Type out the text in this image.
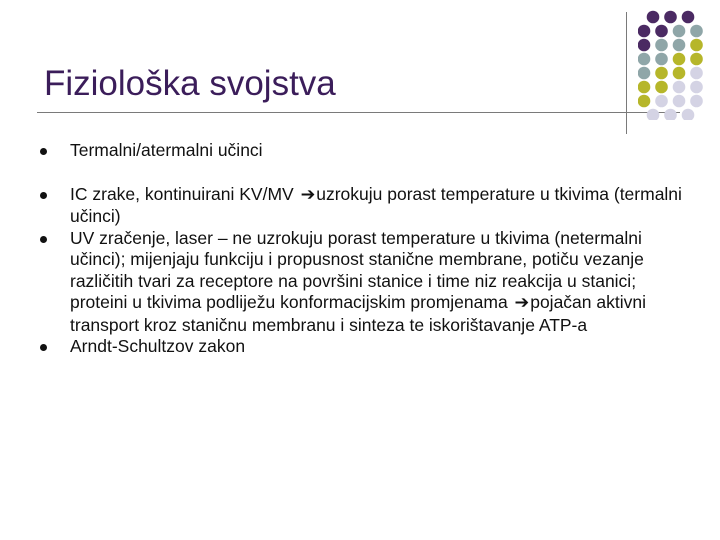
Fiziološka svojstva
Termalni/atermalni učinci
IC zrake, kontinuirani KV/MV ➔uzrokuju porast temperature u tkivima (termalni učinci)
UV zračenje, laser – ne uzrokuju porast temperature u tkivima (netermalni učinci); mijenjaju funkciju i propusnost stanične membrane, potiču vezanje različitih tvari za receptore na površini stanice i time niz reakcija u stanici; proteini u tkivima podliježu konformacijskim promjenama ➔pojačan aktivni transport kroz staničnu membranu i sinteza te iskorištavanje ATP-a
Arndt-Schultzov zakon
